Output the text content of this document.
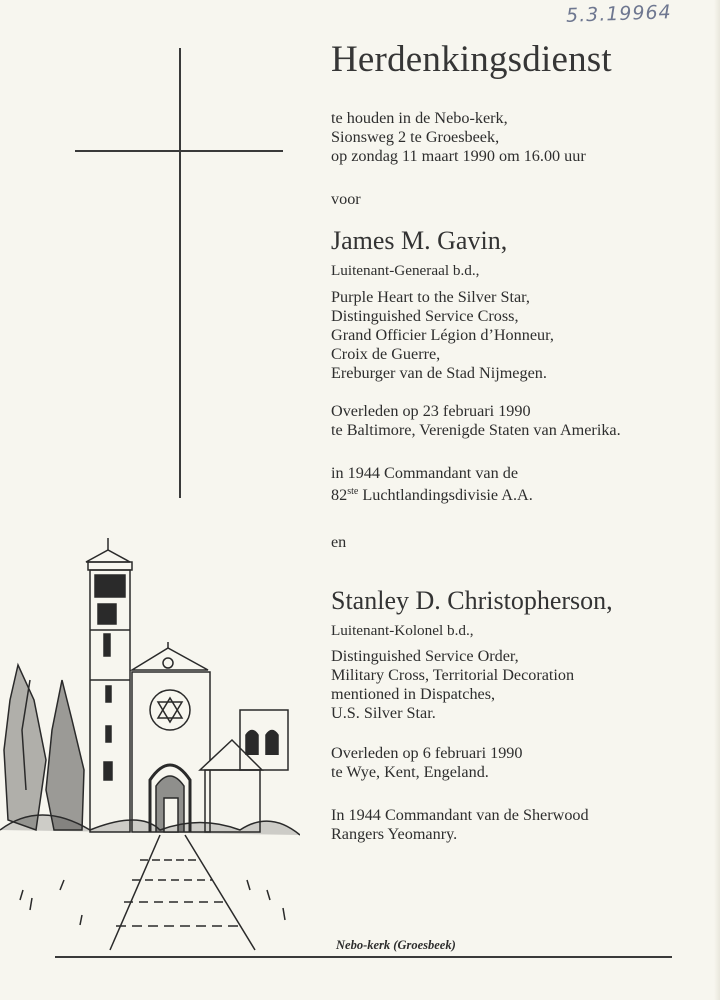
5.3.19964
Herdenkingsdienst
te houden in de Nebo-kerk,
Sionsweg 2 te Groesbeek,
op zondag 11 maart 1990 om 16.00 uur
voor
James M. Gavin,
Luitenant-Generaal b.d.,
Purple Heart to the Silver Star,
Distinguished Service Cross,
Grand Officier Légion d’Honneur,
Croix de Guerre,
Ereburger van de Stad Nijmegen.
Overleden op 23 februari 1990
te Baltimore, Verenigde Staten van Amerika.
in 1944 Commandant van de
82ste Luchtlandingsdivisie A.A.
en
Stanley D. Christopherson,
Luitenant-Kolonel b.d.,
Distinguished Service Order,
Military Cross, Territorial Decoration
mentioned in Dispatches,
U.S. Silver Star.
Overleden op 6 februari 1990
te Wye, Kent, Engeland.
In 1944 Commandant van de Sherwood
Rangers Yeomanry.
Nebo-kerk (Groesbeek)
